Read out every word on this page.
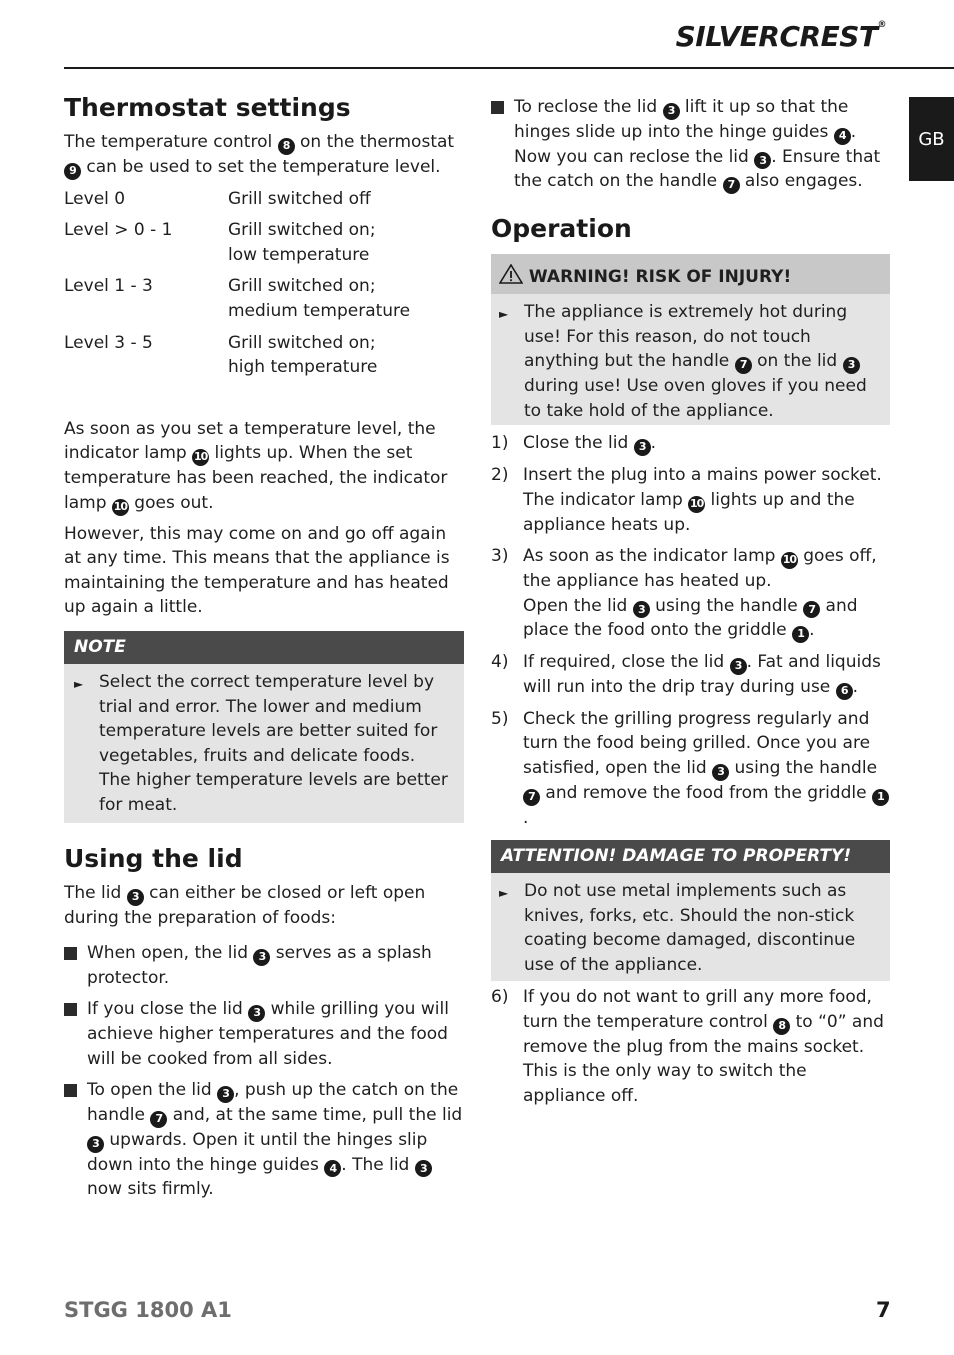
SILVERCREST®
GB
Thermostat settings

The temperature control 8 on the thermostat 9 can be used to set the temperature level.

Level 0	Grill switched off
Level > 0 - 1	Grill switched on;
low temperature
Level 1 - 3	Grill switched on;
medium temperature
Level 3 - 5	Grill switched on;
high temperature

As soon as you set a temperature level, the indicator lamp 10 lights up. When the set temperature has been reached, the indicator lamp 10 goes out.

However, this may come on and go off again at any time. This means that the appliance is maintaining the temperature and has heated up again a little.

NOTE
► Select the correct temperature level by trial and error. The lower and medium temperature levels are better suited for vegetables, fruits and delicate foods. The higher temperature levels are better for meat.
Using the lid

The lid 3 can either be closed or left open during the preparation of foods:

When open, the lid 3 serves as a splash protector.
If you close the lid 3 while grilling you will achieve higher temperatures and the food will be cooked from all sides.
To open the lid 3 , push up the catch on the handle 7 and, at the same time, pull the lid 3 upwards. Open it until the hinges slip down into the hinge guides 4 . The lid 3 now sits firmly.
To reclose the lid 3 lift it up so that the hinges slide up into the hinge guides 4 . Now you can reclose the lid 3 . Ensure that the catch on the handle 7 also engages.
Operation
WARNING! RISK OF INJURY!
► The appliance is extremely hot during use! For this reason, do not touch anything but the handle 7 on the lid 3 during use! Use oven gloves if you need to take hold of the appliance.
1) Close the lid 3 .
2) Insert the plug into a mains power socket. The indicator lamp 10 lights up and the appliance heats up.
3) As soon as the indicator lamp 10 goes off, the appliance has heated up.
Open the lid 3 using the handle 7 and place the food onto the griddle 1 .
4) If required, close the lid 3 . Fat and liquids will run into the drip tray during use 6 .
5) Check the grilling progress regularly and turn the food being grilled. Once you are satisfied, open the lid 3 using the handle 7 and remove the food from the griddle 1.
ATTENTION! DAMAGE TO PROPERTY!
► Do not use metal implements such as knives, forks, etc. Should the non-stick coating become damaged, discontinue use of the appliance.
6) If you do not want to grill any more food, turn the temperature control 8 to “0” and remove the plug from the mains socket. This is the only way to switch the appliance off.
STGG 1800 A1	7
